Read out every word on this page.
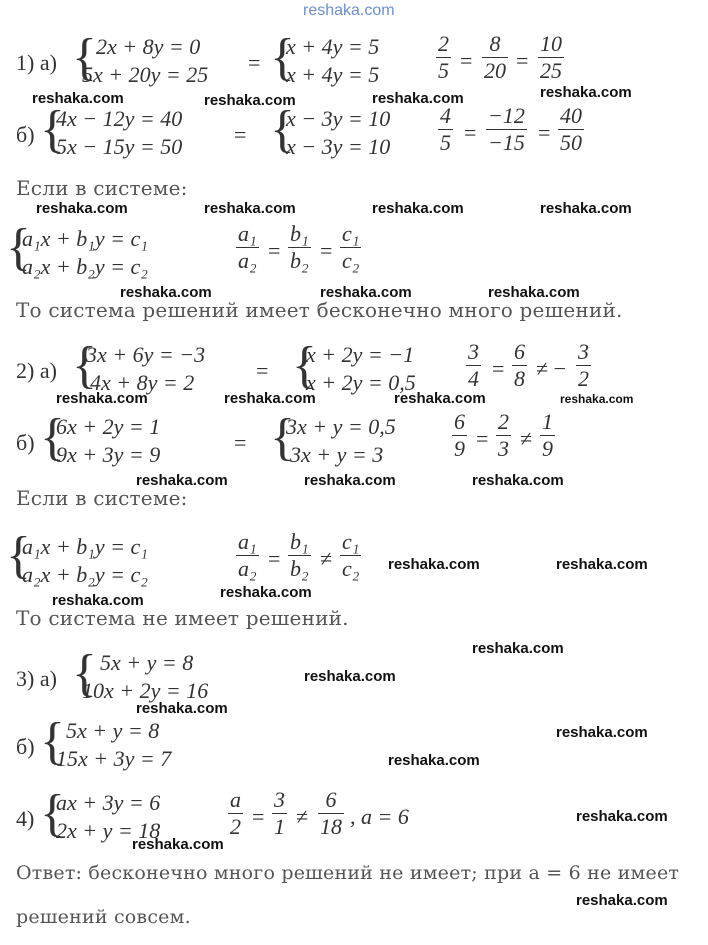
reshaka.com
1) а) { 2x + 8y = 0
5x + 20y = 25 = {
x + 4y = 5
x + 4y = 5
2
5 =
8
20 =
10
25
reshaka.com	reshaka.com	reshaka.com	reshaka.com
б) {
4x − 12y = 40
5x − 15y = 50 = {
x − 3y = 10
x − 3y = 10
4
5 =
−12
−15 =
40
50
Если в системе:
reshaka.com	reshaka.com	reshaka.com	reshaka.com
{
a₁x + b₁y = c₁
a₂x + b₂y = c₂
a₁
a₂ =
b₁
b₂ =
c₁
c₂
reshaka.com	reshaka.com	reshaka.com
То система решений имеет бесконечно много решений.
2) а) {
3x + 6y = −3
4x + 8y = 2	= {
x + 2y = −1
x + 2y = 0,5
3
4 =
6
8 ≠ −
3
2
reshaka.com	reshaka.com	reshaka.com	reshaka.com
б) {
6x + 2y = 1
9x + 3y = 9	= {
3x + y = 0,5
3x + y = 3
6
9 =
2
3 ≠
1
9
reshaka.com	reshaka.com	reshaka.com
Если в системе:
{
a₁x + b₁y = c₁
a₂x + b₂y = c₂
a₁
a₂ =
b₁
b₂ ≠
c₁
c₂ reshaka.com	reshaka.com
reshaka.com
reshaka.com
То система не имеет решений.
reshaka.com
3) а) { 5x + y = 8
10x + 2y = 16
reshaka.com
reshaka.com
б) { 5x + y = 8
15x + 3y = 7
reshaka.com
reshaka.com
4) {
ax + 3y = 6
2x + y = 18
a
2 =
3
1 ≠
6
18 , a = 6	reshaka.com
reshaka.com
Ответ: бесконечно много решений не имеет; при a = 6 не имеет
reshaka.com
решений совсем.
